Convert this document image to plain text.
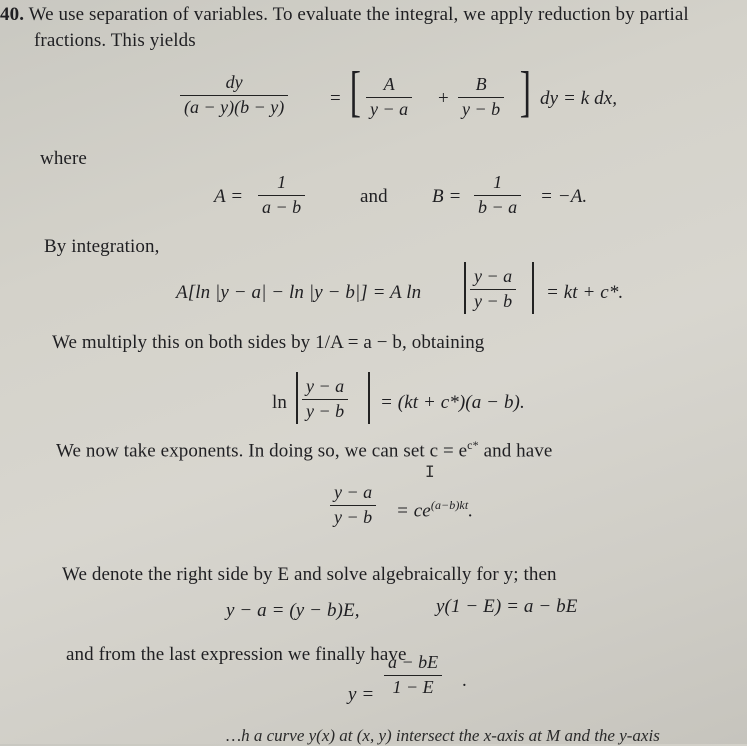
40. We use separation of variables. To evaluate the integral, we apply reduction by partial
fractions. This yields
dy
(a − y)(b − y) = [ A
y − a +
B
y − b ] dy = k dx,
where
A =
1
a − b	and B =
1
b − a = −A.
By integration,
A[ln |y − a| − ln |y − b|] = A ln
y − a
y − b = kt + c*.
We multiply this on both sides by 1/A = a − b, obtaining
ln
y − a
y − b = (kt + c*)(a − b).
We now take exponents. In doing so, we can set $c = e^{c*}$ and have
I
y − a
$y - b = ce^{(a-b)kt}$.
We denote the right side by E and solve algebraically for y; then
y − a = (y − b)E,	y(1 − E) = a − bE
and from the last expression we finally have
y =
a − bE
1 − E .
…h a curve y(x) at (x, y) intersect the x-axis at M and the y-axis
